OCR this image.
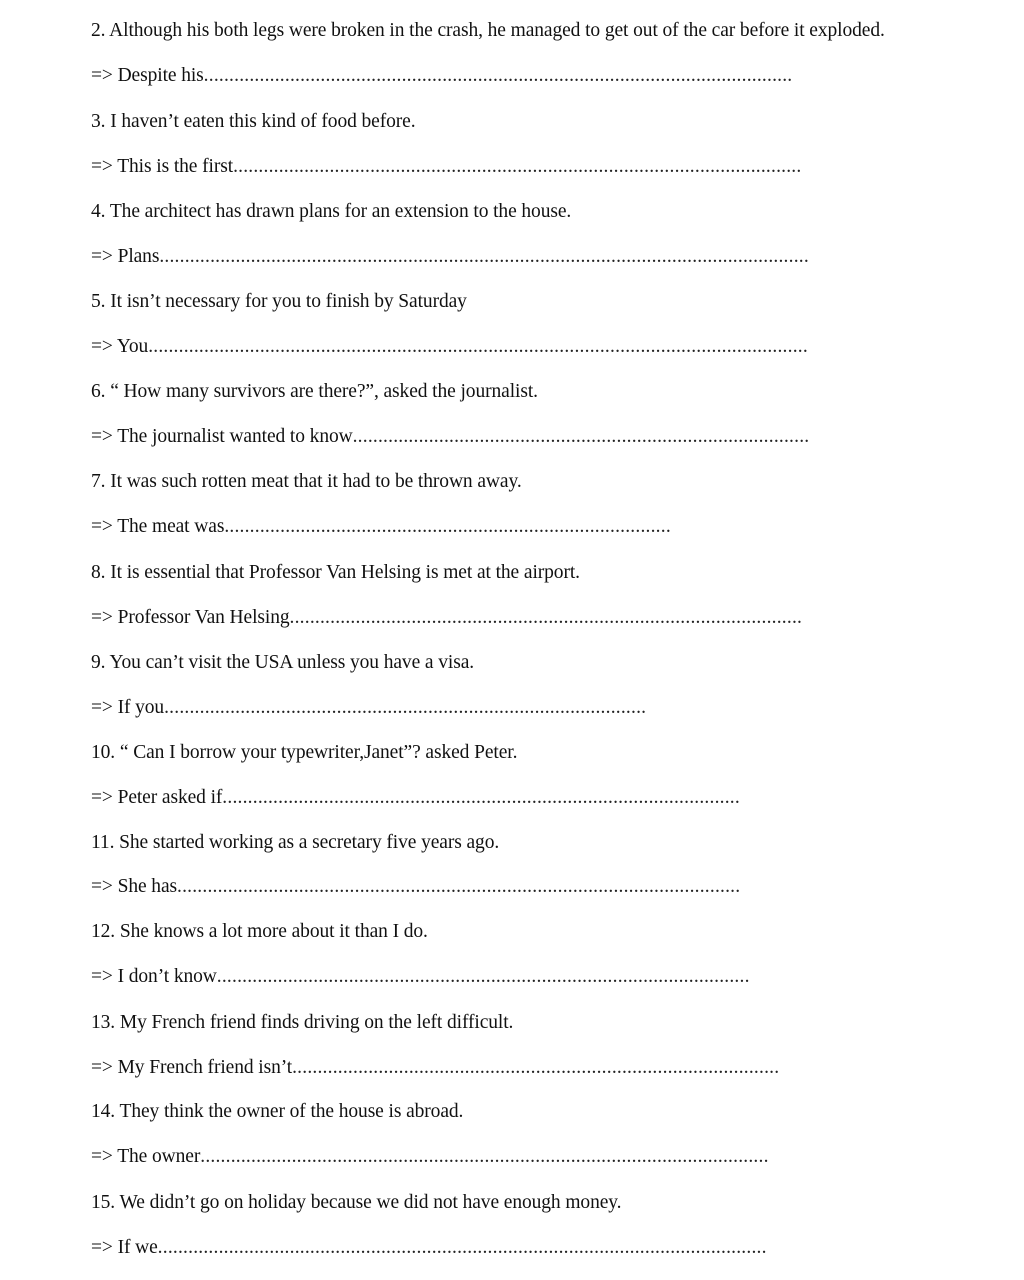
2. Although his both legs were broken in the crash, he managed to get out of the car before it exploded.
=> Despite his....................................................................................................................
3. I haven’t eaten this kind of food before.
=> This is the first................................................................................................................
4. The architect has drawn plans for an extension to the house.
=> Plans................................................................................................................................
5. It isn’t necessary for you to finish by Saturday
=> You..................................................................................................................................
6. “ How many survivors are there?”, asked the journalist.
=> The journalist wanted to know..........................................................................................
7. It was such rotten meat that it had to be thrown away.
=> The meat was........................................................................................
8. It is essential that Professor Van Helsing is met at the airport.
=> Professor Van Helsing.....................................................................................................
9. You can’t visit the USA unless you have a visa.
=> If you...............................................................................................
10. “ Can I borrow your typewriter,Janet”? asked Peter.
=> Peter asked if......................................................................................................
11. She started working as a secretary five years ago.
=> She has...............................................................................................................
12. She knows a lot more about it than I do.
=> I don’t know.........................................................................................................
13. My French friend finds driving on the left difficult.
=> My French friend isn’t................................................................................................
14. They think the owner of the house is abroad.
=> The owner................................................................................................................
15. We didn’t go on holiday because we did not have enough money.
=> If we........................................................................................................................
